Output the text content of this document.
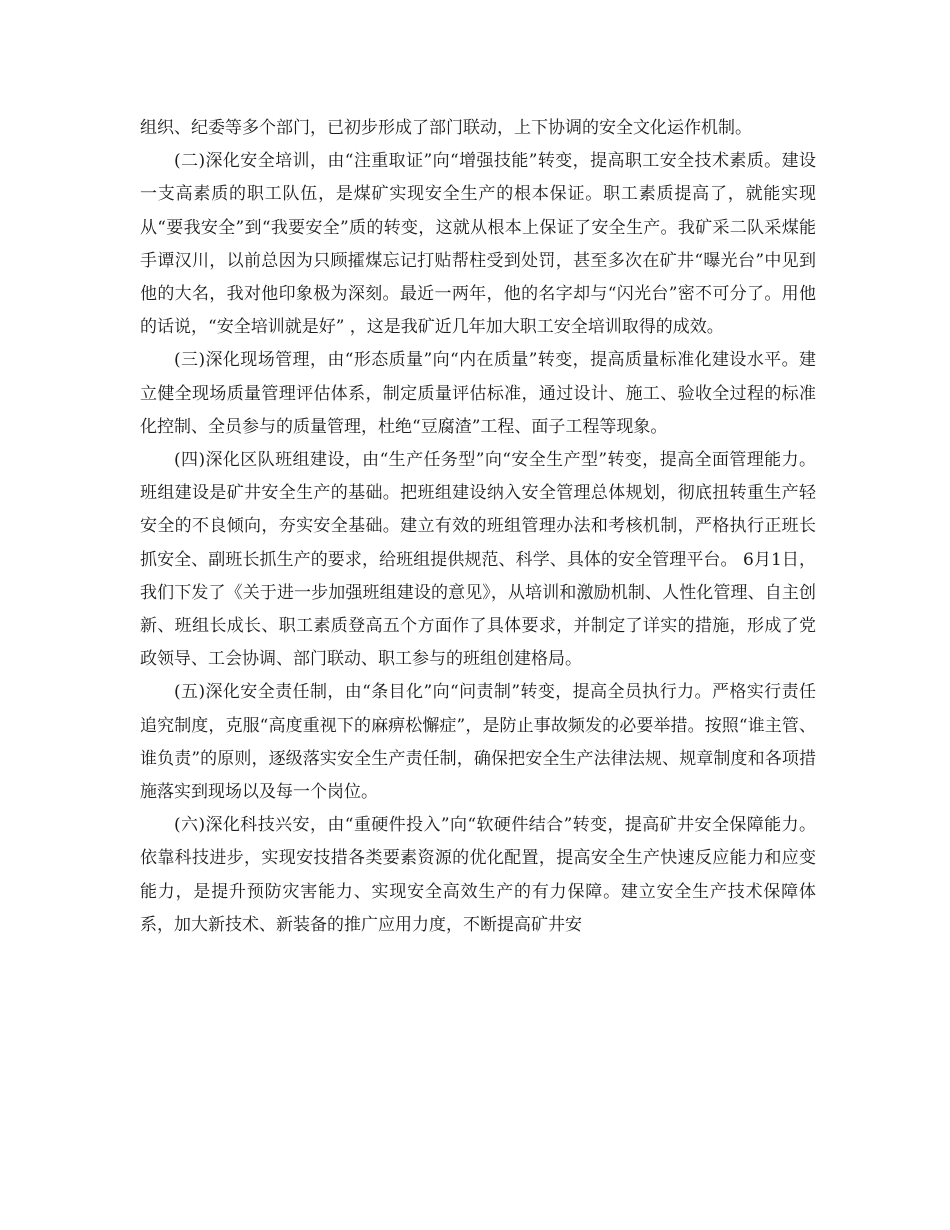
组织、纪委等多个部门，已初步形成了部门联动，上下协调的安全文化运作机制。

(二)深化安全培训，由“注重取证”向“增强技能”转变，提高职工安全技术素质。建设一支高素质的职工队伍，是煤矿实现安全生产的根本保证。职工素质提高了，就能实现从“要我安全”到“我要安全”质的转变，这就从根本上保证了安全生产。我矿采二队采煤能手谭汉川，以前总因为只顾攉煤忘记打贴帮柱受到处罚，甚至多次在矿井“曝光台”中见到他的大名，我对他印象极为深刻。最近一两年，他的名字却与“闪光台”密不可分了。用他的话说，“安全培训就是好” ，这是我矿近几年加大职工安全培训取得的成效。

(三)深化现场管理，由“形态质量”向“内在质量”转变，提高质量标准化建设水平。建立健全现场质量管理评估体系，制定质量评估标准，通过设计、施工、验收全过程的标准化控制、全员参与的质量管理，杜绝“豆腐渣”工程、面子工程等现象。

(四)深化区队班组建设，由“生产任务型”向“安全生产型”转变，提高全面管理能力。班组建设是矿井安全生产的基础。把班组建设纳入安全管理总体规划，彻底扭转重生产轻安全的不良倾向，夯实安全基础。建立有效的班组管理办法和考核机制，严格执行正班长抓安全、副班长抓生产的要求，给班组提供规范、科学、具体的安全管理平台。 6月1日，我们下发了《关于进一步加强班组建设的意见》，从培训和激励机制、人性化管理、自主创新、班组长成长、职工素质登高五个方面作了具体要求，并制定了详实的措施，形成了党政领导、工会协调、部门联动、职工参与的班组创建格局。

(五)深化安全责任制，由“条目化”向“问责制”转变，提高全员执行力。严格实行责任追究制度，克服“高度重视下的麻痹松懈症”，是防止事故频发的必要举措。按照“谁主管、谁负责”的原则，逐级落实安全生产责任制，确保把安全生产法律法规、规章制度和各项措施落实到现场以及每一个岗位。

(六)深化科技兴安，由“重硬件投入”向“软硬件结合”转变，提高矿井安全保障能力。依靠科技进步，实现安技措各类要素资源的优化配置，提高安全生产快速反应能力和应变能力，是提升预防灾害能力、实现安全高效生产的有力保障。建立安全生产技术保障体系，加大新技术、新装备的推广应用力度，不断提高矿井安
